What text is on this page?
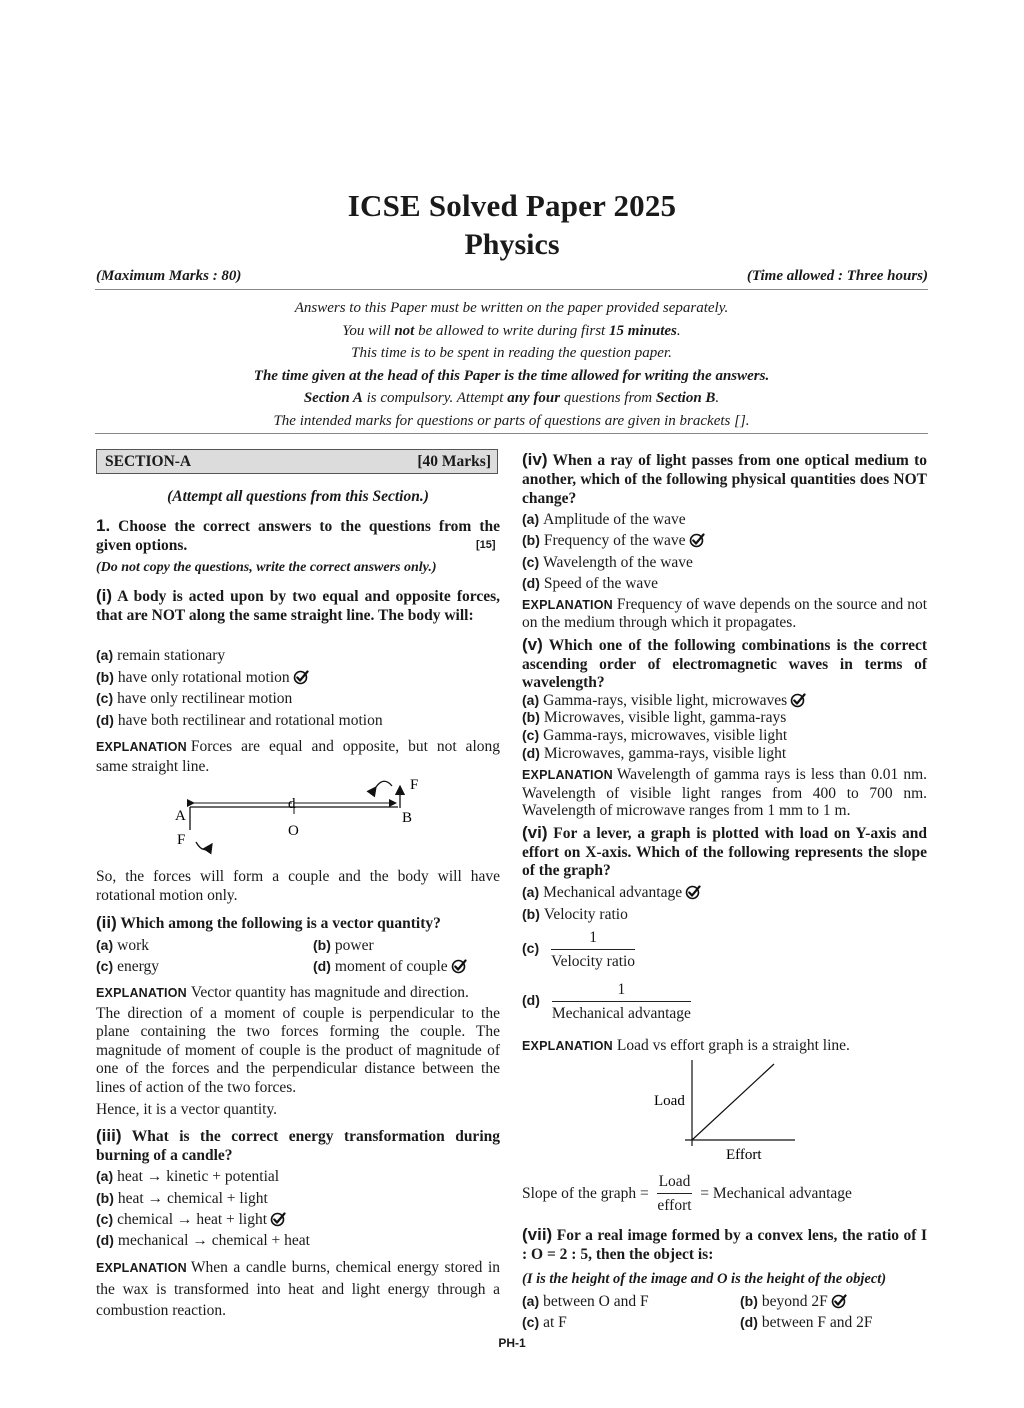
ICSE Solved Paper 2025
Physics
(Maximum Marks : 80)	(Time allowed : Three hours)
Answers to this Paper must be written on the paper provided separately.
You will not be allowed to write during first 15 minutes.
This time is to be spent in reading the question paper.
The time given at the head of this Paper is the time allowed for writing the answers.
Section A is compulsory. Attempt any four questions from Section B.
The intended marks for questions or parts of questions are given in brackets [].
SECTION-A	[40 Marks]
(Attempt all questions from this Section.)

1. Choose the correct answers to the questions from the given options.	[15]
(Do not copy the questions, write the correct answers only.)

(i) A body is acted upon by two equal and opposite forces, that are NOT along the same straight line. The body will:

(a) remain stationary
(b) have only rotational motion
(c) have only rectilinear motion
(d) have both rectilinear and rotational motion
EXPLANATION Forces are equal and opposite, but not along same straight line.
A	B
F
F
d
O
So, the forces will form a couple and the body will have rotational motion only.

(ii) Which among the following is a vector quantity?

(a) work	(b) power
(c) energy	(d) moment of couple
EXPLANATION Vector quantity has magnitude and direction.
The direction of a moment of couple is perpendicular to the plane containing the two forces forming the couple. The magnitude of moment of couple is the product of magnitude of one of the forces and the perpendicular distance between the lines of action of the two forces.
Hence, it is a vector quantity.

(iii) What is the correct energy transformation during burning of a candle?

(a) heat → kinetic + potential
(b) heat → chemical + light
(c) chemical → heat + light
(d) mechanical → chemical + heat
EXPLANATION When a candle burns, chemical energy stored in the wax is transformed into heat and light energy through a combustion reaction.

(iv) When a ray of light passes from one optical medium to another, which of the following physical quantities does NOT change?

(a) Amplitude of the wave
(b) Frequency of the wave
(c) Wavelength of the wave
(d) Speed of the wave
EXPLANATION Frequency of wave depends on the source and not on the medium through which it propagates.

(v) Which one of the following combinations is the correct ascending order of electromagnetic waves in terms of wavelength?

(a) Gamma-rays, visible light, microwaves
(b) Microwaves, visible light, gamma-rays
(c) Gamma-rays, microwaves, visible light
(d) Microwaves, gamma-rays, visible light
EXPLANATION Wavelength of gamma rays is less than 0.01 nm. Wavelength of visible light ranges from 400 to 700 nm. Wavelength of microwave ranges from 1 mm to 1 m.

(vi) For a lever, a graph is plotted with load on Y-axis and effort on X-axis. Which of the following represents the slope of the graph?

(a) Mechanical advantage
(b) Velocity ratio
$(c) \frac{1}{\text{Velocity ratio}}$
$(d) \frac{1}{\text{Mechanical advantage}}$
EXPLANATION Load vs effort graph is a straight line.
Load
Effort
Slope of the graph = $\frac{\text{Load}}{\text{effort}}$ = Mechanical advantage

(vii) For a real image formed by a convex lens, the ratio of I : O = 2 : 5, then the object is:

(I is the height of the image and O is the height of the object)
(a) between O and F	(b) beyond 2F
(c) at F	(d) between F and 2F
PH-1
